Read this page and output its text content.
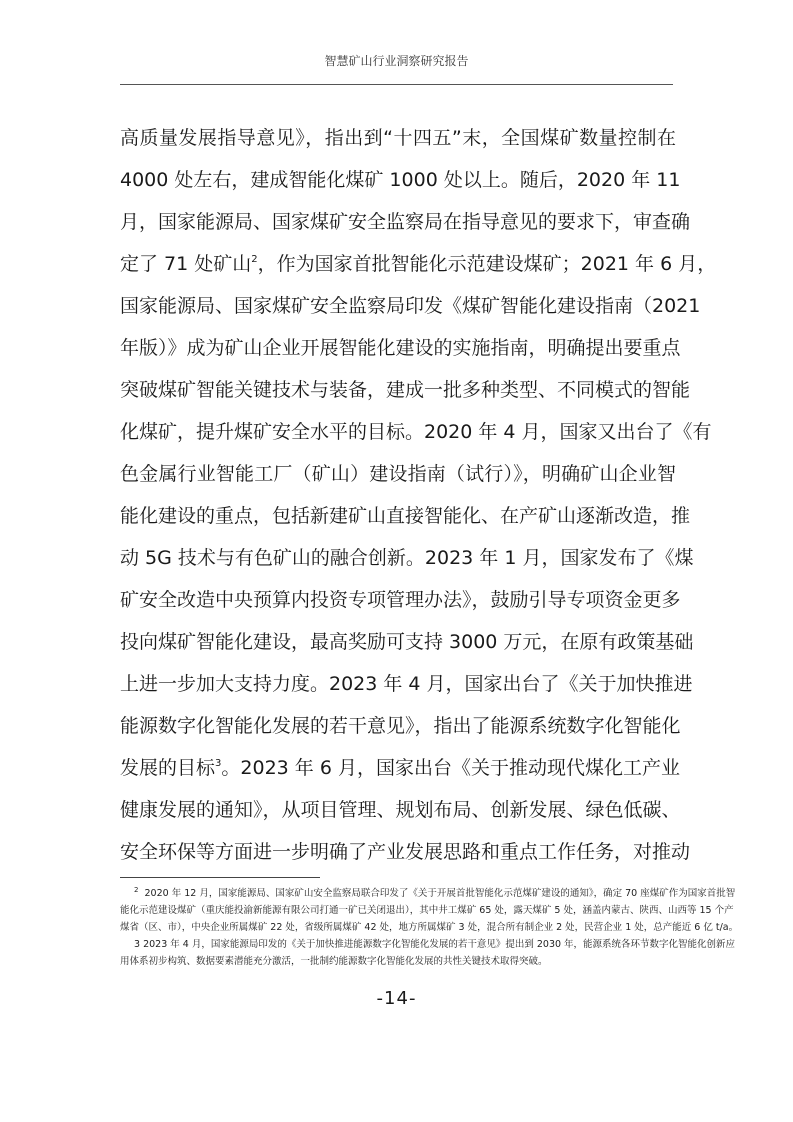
智慧矿山行业洞察研究报告
高质量发展指导意见》，指出到“十四五”末，全国煤矿数量控制在
4000 处左右，建成智能化煤矿 1000 处以上。随后，2020 年 11
月，国家能源局、国家煤矿安全监察局在指导意见的要求下，审查确
定了 71 处矿山$^2$，作为国家首批智能化示范建设煤矿；2021 年 6 月，
国家能源局、国家煤矿安全监察局印发《煤矿智能化建设指南（2021
年版）》成为矿山企业开展智能化建设的实施指南，明确提出要重点
突破煤矿智能关键技术与装备，建成一批多种类型、不同模式的智能
化煤矿，提升煤矿安全水平的目标。2020 年 4 月，国家又出台了《有
色金属行业智能工厂（矿山）建设指南（试行）》，明确矿山企业智
能化建设的重点，包括新建矿山直接智能化、在产矿山逐渐改造，推
动 5G 技术与有色矿山的融合创新。2023 年 1 月，国家发布了《煤
矿安全改造中央预算内投资专项管理办法》，鼓励引导专项资金更多
投向煤矿智能化建设，最高奖励可支持 3000 万元，在原有政策基础
上进一步加大支持力度。2023 年 4 月，国家出台了《关于加快推进
能源数字化智能化发展的若干意见》，指出了能源系统数字化智能化
发展的目标$^3$。2023 年 6 月，国家出台《关于推动现代煤化工产业
健康发展的通知》，从项目管理、规划布局、创新发展、绿色低碳、
安全环保等方面进一步明确了产业发展思路和重点工作任务，对推动
$^2$ 2020 年 12 月，国家能源局、国家矿山安全监察局联合印发了《关于开展首批智能化示范煤矿建设的通知》，确定 70 座煤矿作为国家首批智
能化示范建设煤矿（重庆能投渝新能源有限公司打通一矿已关闭退出），其中井工煤矿 65 处，露天煤矿 5 处，涵盖内蒙古、陕西、山西等 15 个产
煤省（区、市），中央企业所属煤矿 22 处，省级所属煤矿 42 处，地方所属煤矿 3 处，混合所有制企业 2 处，民营企业 1 处，总产能近 6 亿 t/a。
3 2023 年 4 月，国家能源局印发的《关于加快推进能源数字化智能化发展的若干意见》提出到 2030 年，能源系统各环节数字化智能化创新应
用体系初步构筑、数据要素潜能充分激活，一批制约能源数字化智能化发展的共性关键技术取得突破。
-14-
